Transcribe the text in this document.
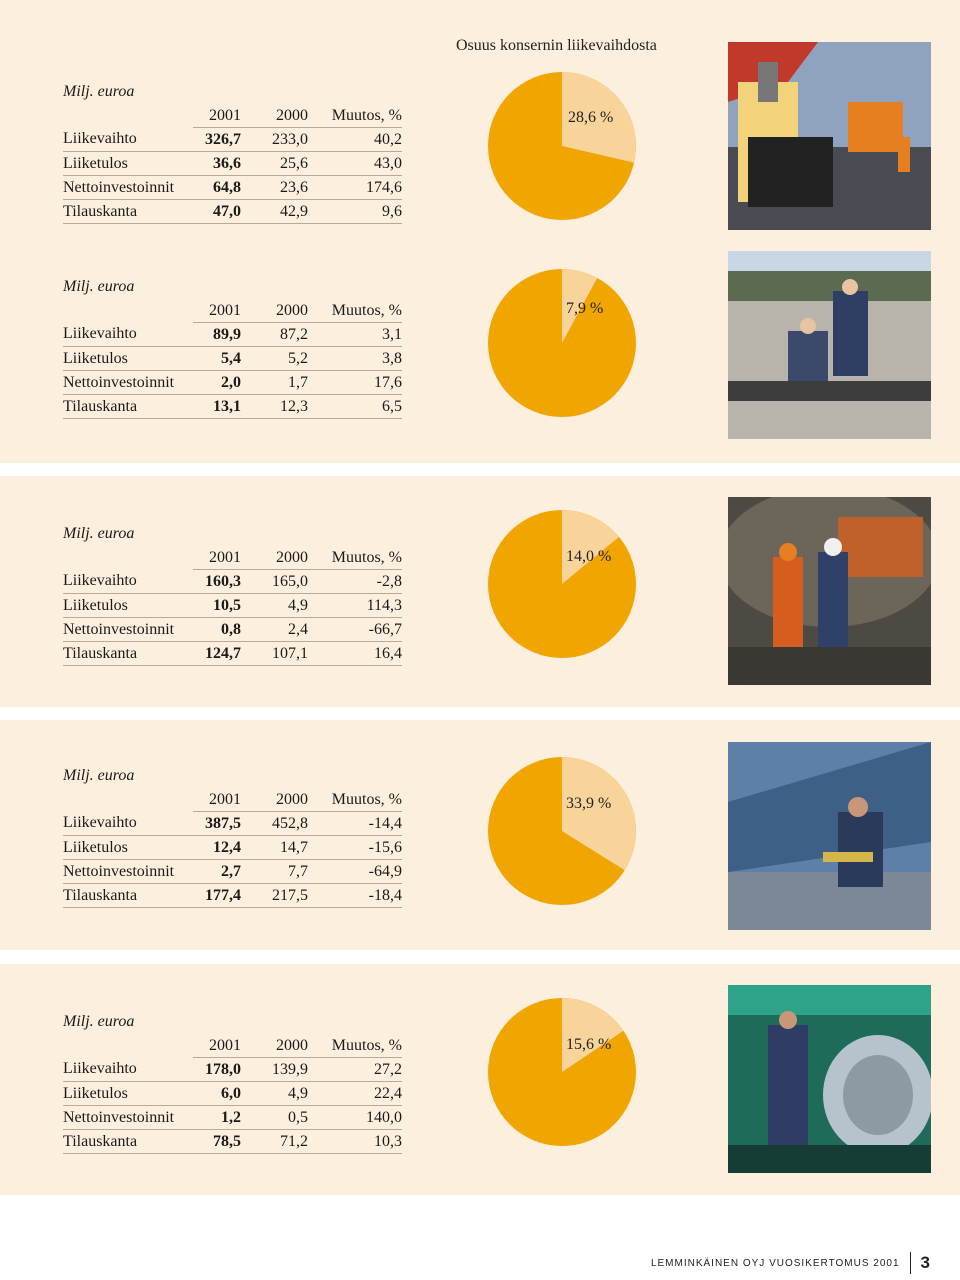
Osuus konsernin liikevaihdosta
Milj. euroa
	2001	2000	Muutos, %
Liikevaihto	326,7	233,0	40,2
Liiketulos	36,6	25,6	43,0
Nettoinvestoinnit	64,8	23,6	174,6
Tilauskanta	47,0	42,9	9,6
28,6 %
Milj. euroa
	2001	2000	Muutos, %
Liikevaihto	89,9	87,2	3,1
Liiketulos	5,4	5,2	3,8
Nettoinvestoinnit	2,0	1,7	17,6
Tilauskanta	13,1	12,3	6,5
7,9 %
Milj. euroa
	2001	2000	Muutos, %
Liikevaihto	160,3	165,0	-2,8
Liiketulos	10,5	4,9	114,3
Nettoinvestoinnit	0,8	2,4	-66,7
Tilauskanta	124,7	107,1	16,4
14,0 %
Milj. euroa
	2001	2000	Muutos, %
Liikevaihto	387,5	452,8	-14,4
Liiketulos	12,4	14,7	-15,6
Nettoinvestoinnit	2,7	7,7	-64,9
Tilauskanta	177,4	217,5	-18,4
33,9 %
Milj. euroa
	2001	2000	Muutos, %
Liikevaihto	178,0	139,9	27,2
Liiketulos	6,0	4,9	22,4
Nettoinvestoinnit	1,2	0,5	140,0
Tilauskanta	78,5	71,2	10,3
15,6 %
LEMMINKÄINEN OYJ VUOSIKERTOMUS 2001 3
